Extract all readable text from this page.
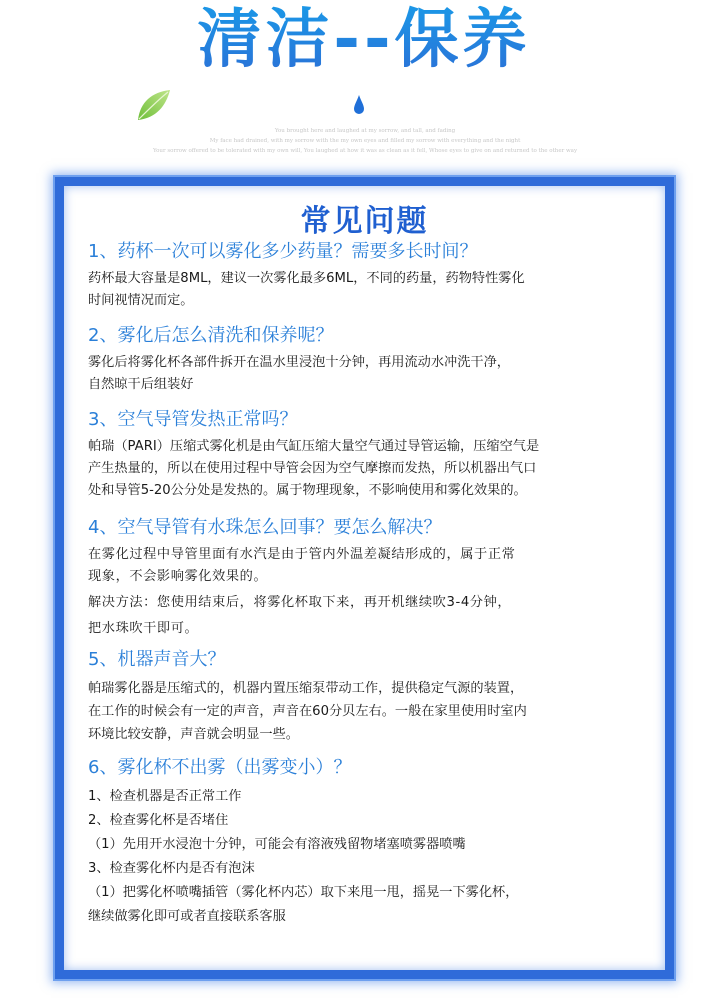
清洁--保养
You brought here and laughed at my sorrow, and tall, and fading
My face had drained, with my sorrow with the my own eyes and filled my sorrow with everything and the night
Your sorrow offered to be tolerated with my own will, You laughed at how it was as clean as it fell, Whose eyes to give on and returned to the other way
常见问题

1、药杯一次可以雾化多少药量？需要多长时间？

药杯最大容量是8ML，建议一次雾化最多6ML，不同的药量，药物特性雾化

时间视情况而定。

2、雾化后怎么清洗和保养呢？

雾化后将雾化杯各部件拆开在温水里浸泡十分钟，再用流动水冲洗干净，

自然晾干后组装好

3、空气导管发热正常吗？

帕瑞（PARI）压缩式雾化机是由气缸压缩大量空气通过导管运输，压缩空气是

产生热量的，所以在使用过程中导管会因为空气摩擦而发热，所以机器出气口

处和导管5-20公分处是发热的。属于物理现象，不影响使用和雾化效果的。

4、空气导管有水珠怎么回事？要怎么解决？

在雾化过程中导管里面有水汽是由于管内外温差凝结形成的，属于正常

现象，不会影响雾化效果的。

解决方法：您使用结束后，将雾化杯取下来，再开机继续吹3-4分钟，

把水珠吹干即可。

5、机器声音大？

帕瑞雾化器是压缩式的，机器内置压缩泵带动工作，提供稳定气源的装置，

在工作的时候会有一定的声音，声音在60分贝左右。一般在家里使用时室内

环境比较安静，声音就会明显一些。

6、雾化杯不出雾（出雾变小）？

1、检查机器是否正常工作

2、检查雾化杯是否堵住

（1）先用开水浸泡十分钟，可能会有溶液残留物堵塞喷雾器喷嘴

3、检查雾化杯内是否有泡沫

（1）把雾化杯喷嘴插管（雾化杯内芯）取下来甩一甩，摇晃一下雾化杯，

继续做雾化即可或者直接联系客服
